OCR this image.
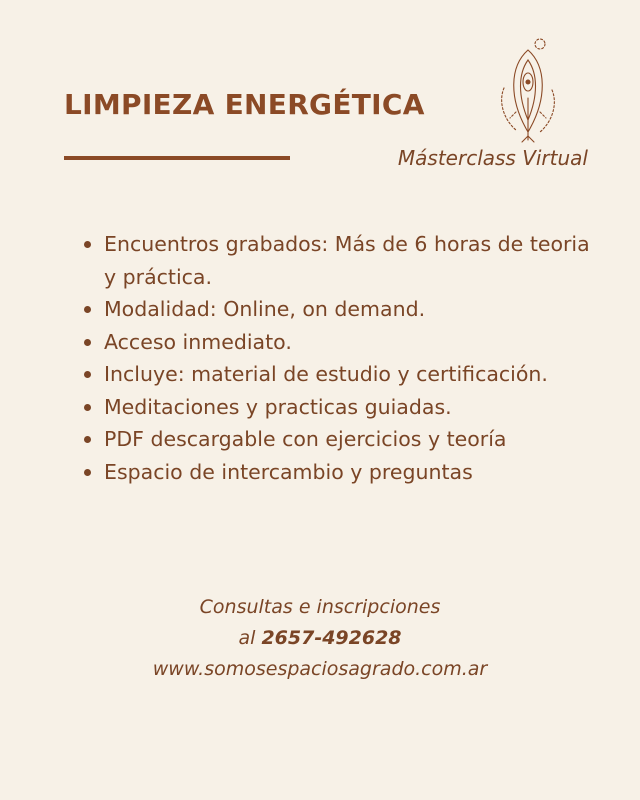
LIMPIEZA ENERGÉTICA
Másterclass Virtual
Encuentros grabados: Más de 6 horas de teoria y práctica.
Modalidad: Online, on demand.
Acceso inmediato.
Incluye: material de estudio y certificación.
Meditaciones y practicas guiadas.
PDF descargable con ejercicios y teoría
Espacio de intercambio y preguntas
Consultas e inscripciones
al 2657-492628
www.somosespaciosagrado.com.ar
